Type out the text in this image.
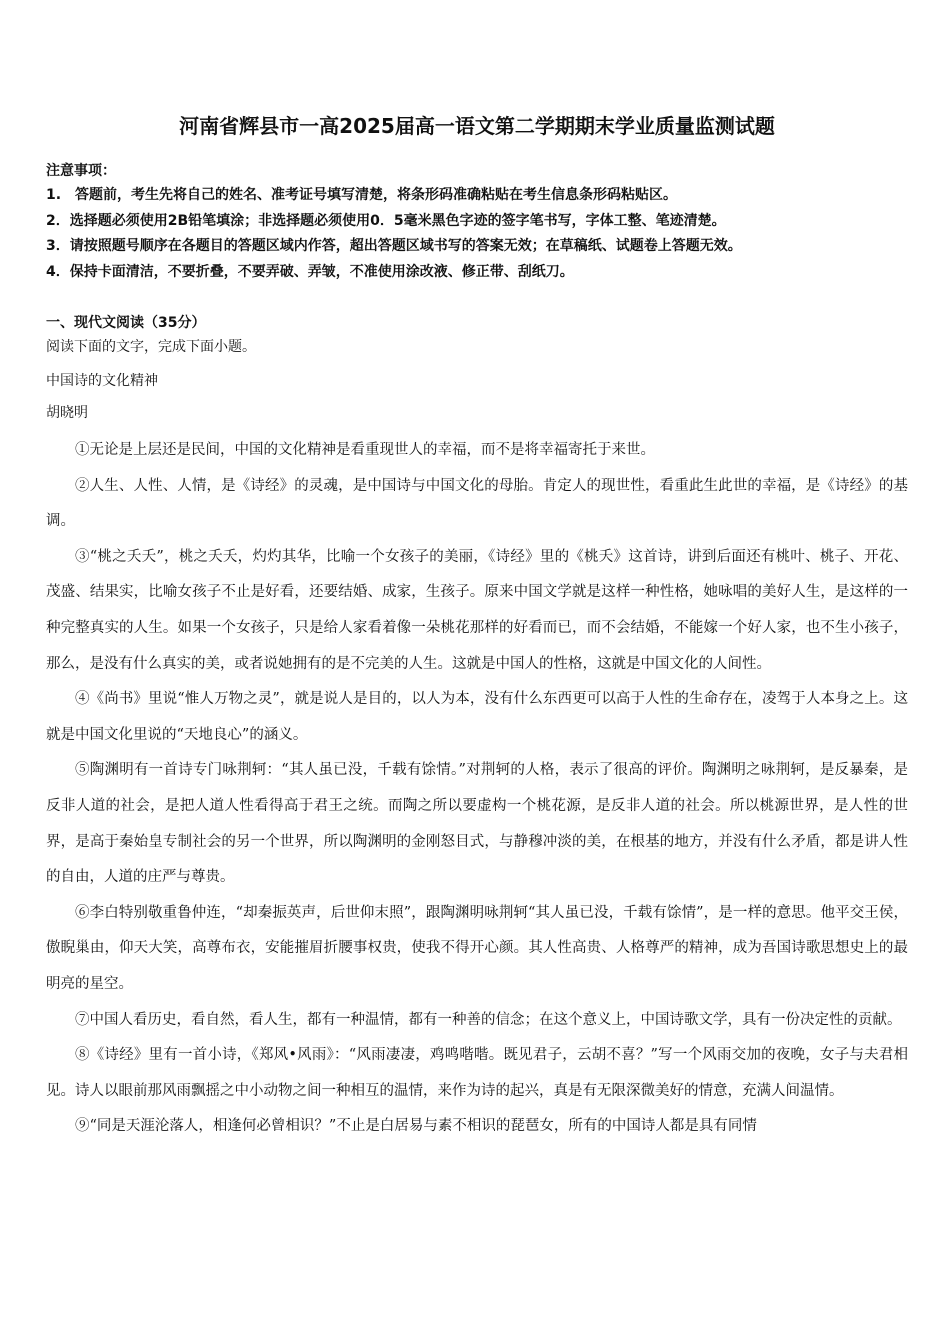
河南省辉县市一高2025届高一语文第二学期期末学业质量监测试题
注意事项：
1.　答题前，考生先将自己的姓名、准考证号填写清楚，将条形码准确粘贴在考生信息条形码粘贴区。
2．选择题必须使用2B铅笔填涂；非选择题必须使用0．5毫米黑色字迹的签字笔书写，字体工整、笔迹清楚。
3．请按照题号顺序在各题目的答题区域内作答，超出答题区域书写的答案无效；在草稿纸、试题卷上答题无效。
4．保持卡面清洁，不要折叠，不要弄破、弄皱，不准使用涂改液、修正带、刮纸刀。
一、现代文阅读（35分）
阅读下面的文字，完成下面小题。
中国诗的文化精神
胡晓明

①无论是上层还是民间，中国的文化精神是看重现世人的幸福，而不是将幸福寄托于来世。

②人生、人性、人情，是《诗经》的灵魂，是中国诗与中国文化的母胎。肯定人的现世性，看重此生此世的幸福，是《诗经》的基调。

③“桃之夭夭”，桃之夭夭，灼灼其华，比喻一个女孩子的美丽，《诗经》里的《桃夭》这首诗，讲到后面还有桃叶、桃子、开花、茂盛、结果实，比喻女孩子不止是好看，还要结婚、成家，生孩子。原来中国文学就是这样一种性格，她咏唱的美好人生，是这样的一种完整真实的人生。如果一个女孩子，只是给人家看着像一朵桃花那样的好看而已，而不会结婚，不能嫁一个好人家，也不生小孩子，那么，是没有什么真实的美，或者说她拥有的是不完美的人生。这就是中国人的性格，这就是中国文化的人间性。

④《尚书》里说“惟人万物之灵”，就是说人是目的，以人为本，没有什么东西更可以高于人性的生命存在，凌驾于人本身之上。这就是中国文化里说的“天地良心”的涵义。

⑤陶渊明有一首诗专门咏荆轲：“其人虽已没，千载有馀情。”对荆轲的人格，表示了很高的评价。陶渊明之咏荆轲，是反暴秦，是反非人道的社会，是把人道人性看得高于君王之统。而陶之所以要虚构一个桃花源，是反非人道的社会。所以桃源世界，是人性的世界，是高于秦始皇专制社会的另一个世界，所以陶渊明的金刚怒目式，与静穆冲淡的美，在根基的地方，并没有什么矛盾，都是讲人性的自由，人道的庄严与尊贵。

⑥李白特别敬重鲁仲连，“却秦振英声，后世仰末照”，跟陶渊明咏荆轲“其人虽已没，千载有馀情”，是一样的意思。他平交王侯，傲睨巢由，仰天大笑，高尊布衣，安能摧眉折腰事权贵，使我不得开心颜。其人性高贵、人格尊严的精神，成为吾国诗歌思想史上的最明亮的星空。

⑦中国人看历史，看自然，看人生，都有一种温情，都有一种善的信念；在这个意义上，中国诗歌文学，具有一份决定性的贡献。

⑧《诗经》里有一首小诗，《郑风•风雨》：“风雨凄凄，鸡鸣喈喈。既见君子，云胡不喜？”写一个风雨交加的夜晚，女子与夫君相见。诗人以眼前那风雨飘摇之中小动物之间一种相互的温情，来作为诗的起兴，真是有无限深微美好的情意，充满人间温情。

⑨“同是天涯沦落人，相逢何必曾相识？”不止是白居易与素不相识的琵琶女，所有的中国诗人都是具有同情
